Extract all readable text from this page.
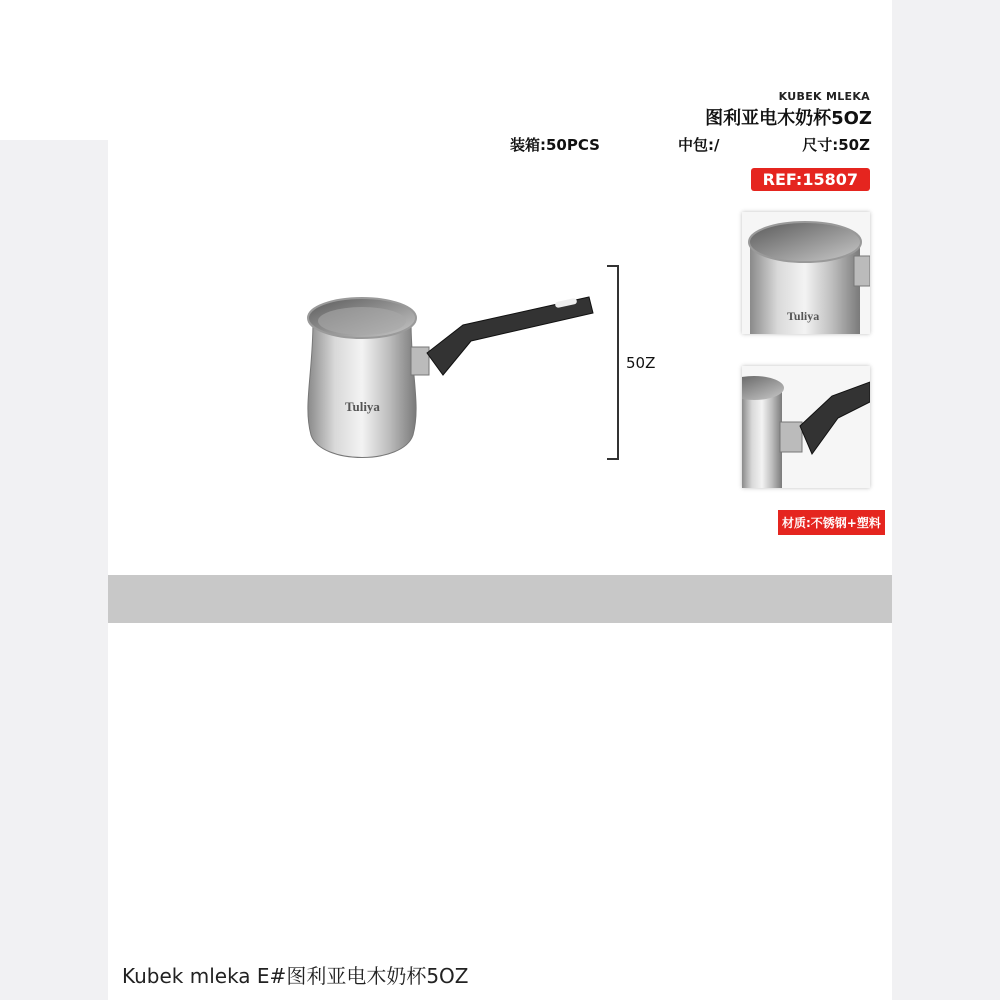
KUBEK MLEKA
图利亚电木奶杯5OZ
装箱:50PCS	中包:/	尺寸:50Z
REF:15807
Tuliya
50Z
Tuliya
材质:不锈钢+塑料
Kubek mleka E#图利亚电木奶杯5OZ
